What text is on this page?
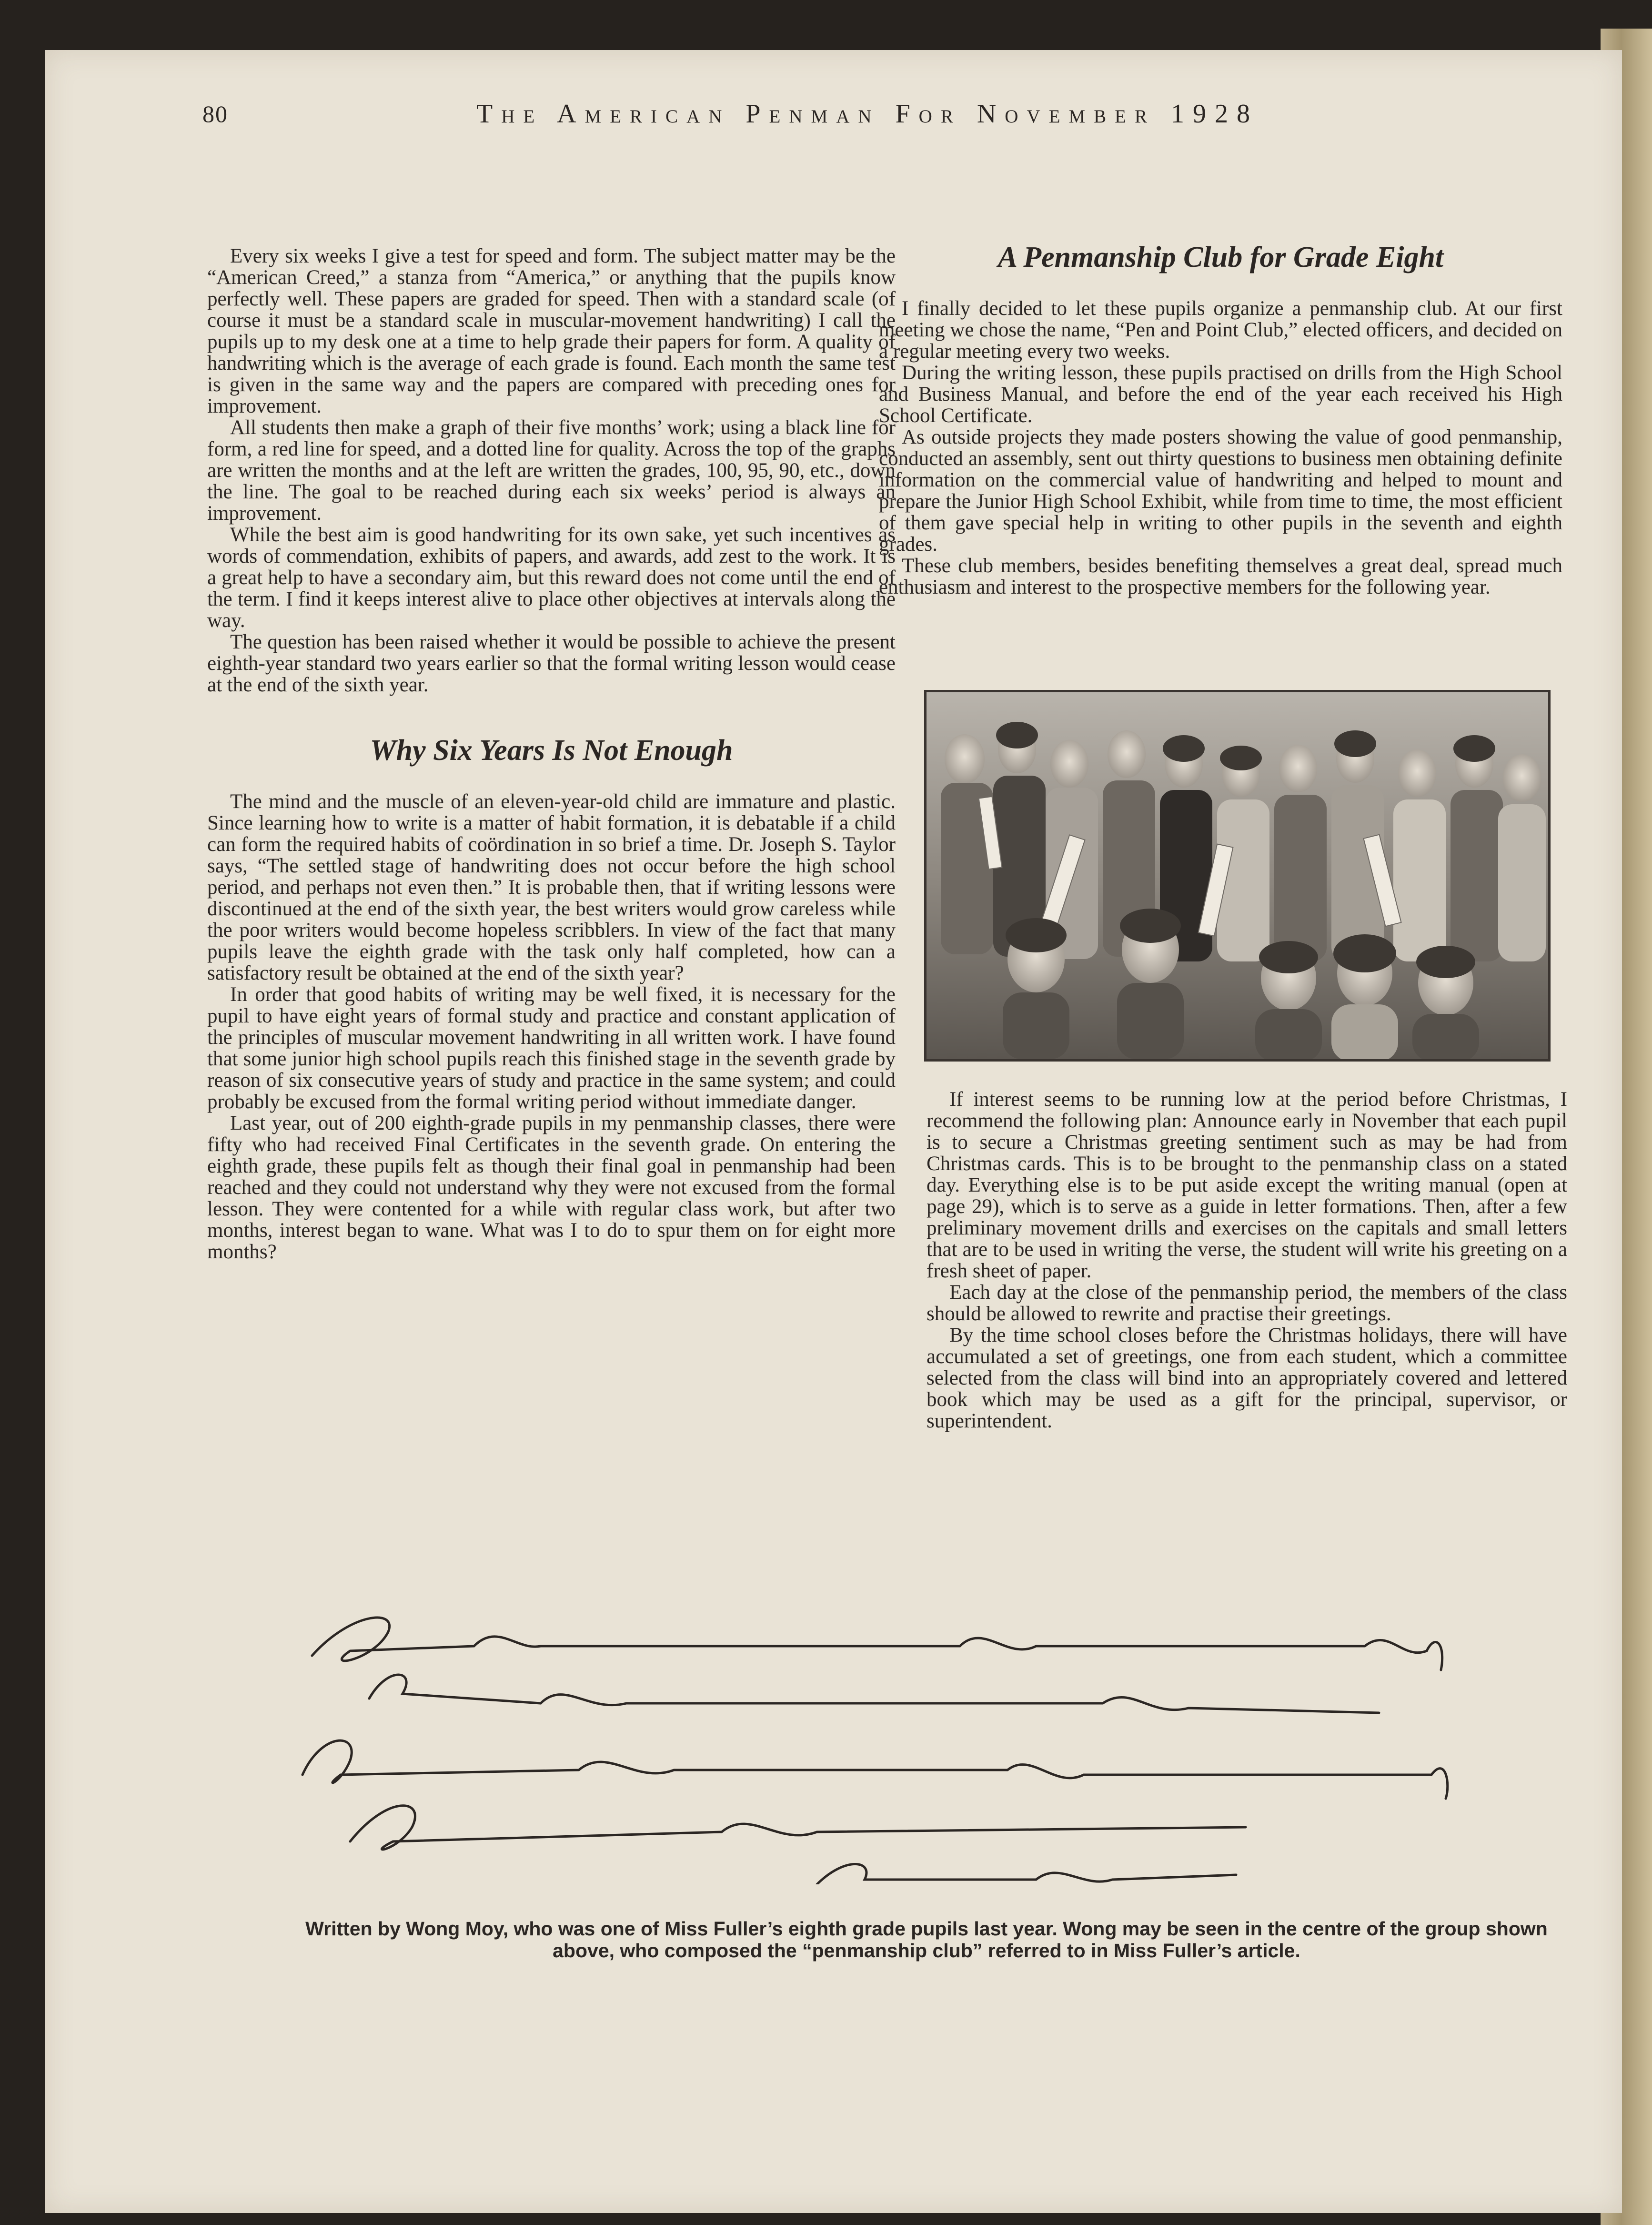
80	The American Penman For November 1928

Every six weeks I give a test for speed and form. The subject matter may be the “American Creed,” a stanza from “America,” or anything that the pupils know perfectly well. These papers are graded for speed. Then with a standard scale (of course it must be a standard scale in muscular-movement handwriting) I call the pupils up to my desk one at a time to help grade their papers for form. A quality of handwriting which is the average of each grade is found. Each month the same test is given in the same way and the papers are compared with preceding ones for improvement.

All students then make a graph of their five months’ work; using a black line for form, a red line for speed, and a dotted line for quality. Across the top of the graphs are written the months and at the left are written the grades, 100, 95, 90, etc., down the line. The goal to be reached during each six weeks’ period is always an improvement.

While the best aim is good handwriting for its own sake, yet such incentives as words of commendation, exhibits of papers, and awards, add zest to the work. It is a great help to have a secondary aim, but this reward does not come until the end of the term. I find it keeps interest alive to place other objectives at intervals along the way.

The question has been raised whether it would be possible to achieve the present eighth-year standard two years earlier so that the formal writing lesson would cease at the end of the sixth year.

Why Six Years Is Not Enough

The mind and the muscle of an eleven-year-old child are immature and plastic. Since learning how to write is a matter of habit formation, it is debatable if a child can form the required habits of coördination in so brief a time. Dr. Joseph S. Taylor says, “The settled stage of handwriting does not occur before the high school period, and perhaps not even then.” It is probable then, that if writing lessons were discontinued at the end of the sixth year, the best writers would grow careless while the poor writers would become hopeless scribblers. In view of the fact that many pupils leave the eighth grade with the task only half completed, how can a satisfactory result be obtained at the end of the sixth year?

In order that good habits of writing may be well fixed, it is necessary for the pupil to have eight years of formal study and practice and constant application of the principles of muscular movement handwriting in all written work. I have found that some junior high school pupils reach this finished stage in the seventh grade by reason of six consecutive years of study and practice in the same system; and could probably be excused from the formal writing period without immediate danger.

Last year, out of 200 eighth-grade pupils in my penmanship classes, there were fifty who had received Final Certificates in the seventh grade. On entering the eighth grade, these pupils felt as though their final goal in penmanship had been reached and they could not understand why they were not excused from the formal lesson. They were contented for a while with regular class work, but after two months, interest began to wane. What was I to do to spur them on for eight more months?

A Penmanship Club for Grade Eight

I finally decided to let these pupils organize a penmanship club. At our first meeting we chose the name, “Pen and Point Club,” elected officers, and decided on a regular meeting every two weeks.

During the writing lesson, these pupils practised on drills from the High School and Business Manual, and before the end of the year each received his High School Certificate.

As outside projects they made posters showing the value of good penmanship, conducted an assembly, sent out thirty questions to business men obtaining definite information on the commercial value of handwriting and helped to mount and prepare the Junior High School Exhibit, while from time to time, the most efficient of them gave special help in writing to other pupils in the seventh and eighth grades.

These club members, besides benefiting themselves a great deal, spread much enthusiasm and interest to the prospective members for the following year.

If interest seems to be running low at the period before Christmas, I recommend the following plan: Announce early in November that each pupil is to secure a Christmas greeting sentiment such as may be had from Christmas cards. This is to be brought to the penmanship class on a stated day. Everything else is to be put aside except the writing manual (open at page 29), which is to serve as a guide in letter formations. Then, after a few preliminary movement drills and exercises on the capitals and small letters that are to be used in writing the verse, the student will write his greeting on a fresh sheet of paper.

Each day at the close of the penmanship period, the members of the class should be allowed to rewrite and practise their greetings.

By the time school closes before the Christmas holidays, there will have accumulated a set of greetings, one from each student, which a committee selected from the class will bind into an appropriately covered and lettered book which may be used as a gift for the principal, supervisor, or superintendent.

Written by Wong Moy, who was one of Miss Fuller’s eighth grade pupils last year. Wong may be seen in the centre of the group shown above, who composed the “penmanship club” referred to in Miss Fuller’s article.
